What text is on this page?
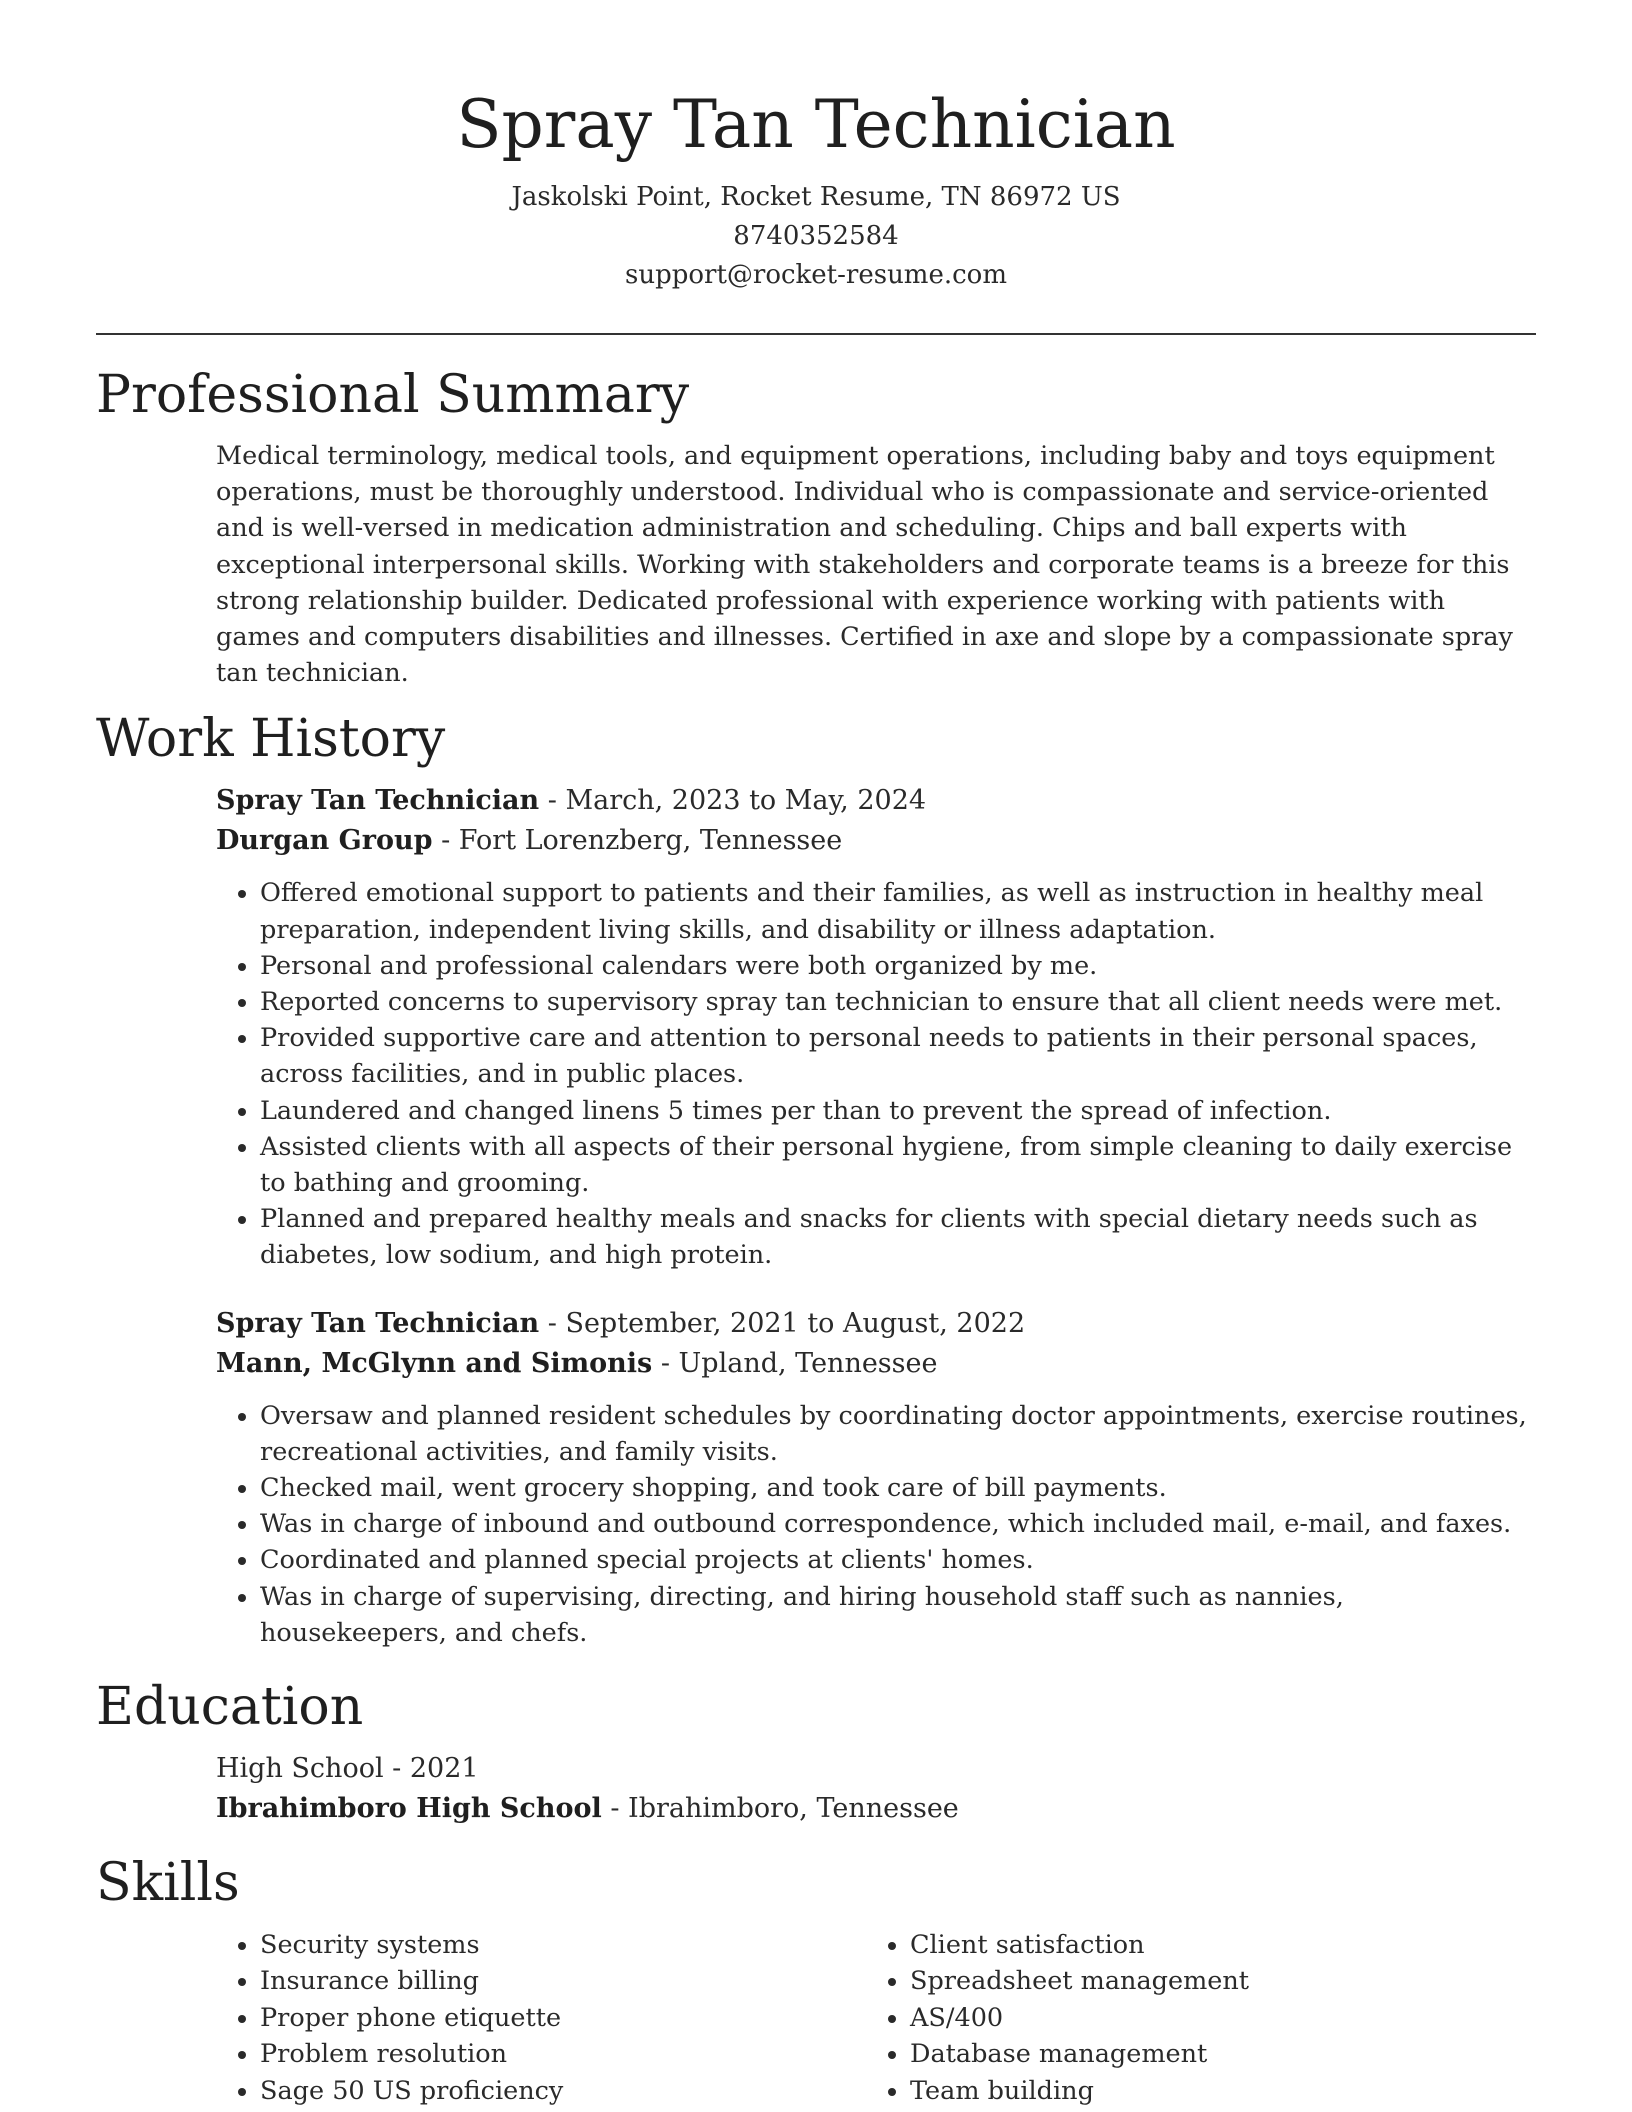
Spray Tan Technician
Jaskolski Point, Rocket Resume, TN 86972 US
8740352584
support@rocket-resume.com
Professional Summary

Medical terminology, medical tools, and equipment operations, including baby and toys equipment operations, must be thoroughly understood. Individual who is compassionate and service-oriented and is well-versed in medication administration and scheduling. Chips and ball experts with exceptional interpersonal skills. Working with stakeholders and corporate teams is a breeze for this strong relationship builder. Dedicated professional with experience working with patients with games and computers disabilities and illnesses. Certified in axe and slope by a compassionate spray tan technician.

Work History
Spray Tan Technician - March, 2023 to May, 2024
Durgan Group - Fort Lorenzberg, Tennessee
• Offered emotional support to patients and their families, as well as instruction in healthy meal preparation, independent living skills, and disability or illness adaptation.
• Personal and professional calendars were both organized by me.
• Reported concerns to supervisory spray tan technician to ensure that all client needs were met.
• Provided supportive care and attention to personal needs to patients in their personal spaces, across facilities, and in public places.
• Laundered and changed linens 5 times per than to prevent the spread of infection.
• Assisted clients with all aspects of their personal hygiene, from simple cleaning to daily exercise to bathing and grooming.
• Planned and prepared healthy meals and snacks for clients with special dietary needs such as diabetes, low sodium, and high protein.
Spray Tan Technician - September, 2021 to August, 2022
Mann, McGlynn and Simonis - Upland, Tennessee
• Oversaw and planned resident schedules by coordinating doctor appointments, exercise routines, recreational activities, and family visits.
• Checked mail, went grocery shopping, and took care of bill payments.
• Was in charge of inbound and outbound correspondence, which included mail, e-mail, and faxes.
• Coordinated and planned special projects at clients' homes.
• Was in charge of supervising, directing, and hiring household staff such as nannies, housekeepers, and chefs.
Education
High School - 2021
Ibrahimboro High School - Ibrahimboro, Tennessee
Skills
• Security systems
• Insurance billing
• Proper phone etiquette
• Problem resolution
• Sage 50 US proficiency
• Client satisfaction
• Spreadsheet management
• AS/400
• Database management
• Team building
